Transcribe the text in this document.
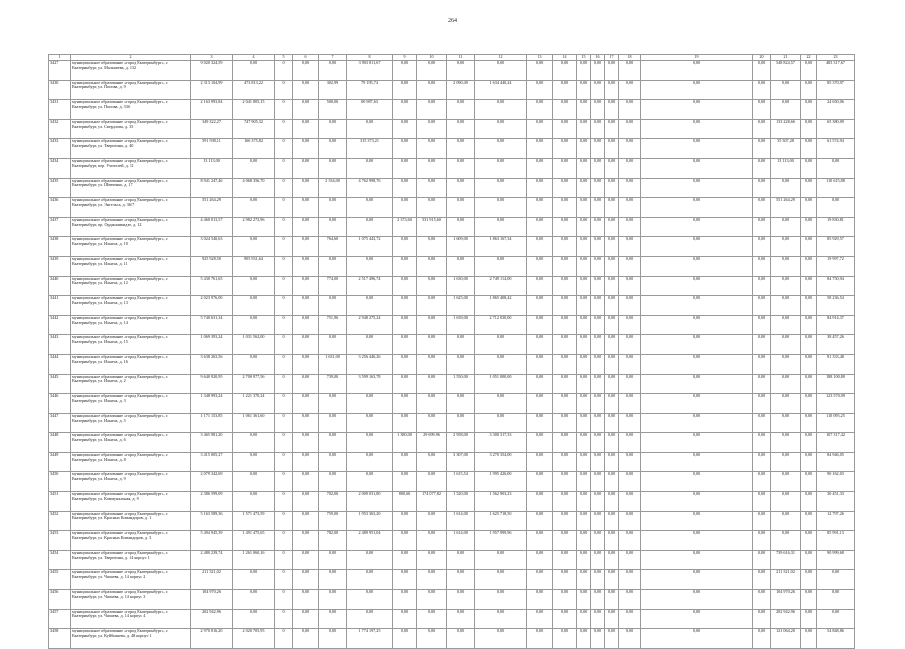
264
1	2	3	4	5	6	7	8	9	10	11	12	13	14	15	16	17	18	19	20	21	22	23
3427	муниципальное образование «город Екатеринбург», г. Екатеринбург, ул. Малышева, д. 132	9 020 324,59	0,00	0	0,00	0,00	3 903 811,67	0,00	0,00	0,00	0,00	0,00	0,00	0,00	0,00	0,00	0,00	0,00	0,00	548 824,57	0,00	483 317,67
3430	муниципальное образование «город Екатеринбург», г. Екатеринбург, ул. Попова, д. 9	2 313 104,99	473 813,22	0	0,00	302,99	79 195,74	0,00	0,00	2 090,49	1 634 440,24	0,00	0,00	0,00	0,00	0,00	0,00	0,00	0,00	0,00	0,00	85 370,97
3431	муниципальное образование «город Екатеринбург», г. Екатеринбург, ул. Попова, д. 33б	2 163 993,84	2 041 805,15	0	0,00	500,00	00 987,63	0,00	0,00	0,00	0,00	0,00	0,00	0,00	0,00	0,00	0,00	0,00	0,00	0,00	0,00	24 650,06
3432	муниципальное образование «город Екатеринбург», г. Екатеринбург, ул. Свердлова, д. 35	349 322,27	747 905,32	0	0,00	0,00	0,00	0,00	0,00	0,00	0,00	0,00	0,00	0,00	0,00	0,00	0,00	0,00	0,00	133 228,66	0,00	65 380,09
3433	муниципальное образование «город Екатеринбург», г. Екатеринбург, ул. Тверитина, д. 40	591 938,11	166 375,82	0	0,00	0,00	315 373,21	0,00	0,00	0,00	0,00	0,00	0,00	0,00	0,00	0,00	0,00	0,00	0,00	35 307,28	0,00	61 574,94
3434	муниципальное образование «город Екатеринбург», г. Екатеринбург, пер. Учителей, д. 11	13 113,00	0,00	0	0,00	0,00	0,00	0,00	0,00	0,00	0,00	0,00	0,00	0,00	0,00	0,00	0,00	0,00	0,00	13 113,00	0,00	0,00
3435	муниципальное образование «город Екатеринбург», г. Екатеринбург, ул. Шевченко, д. 17	8 941 247,46	4 068 356,70	0	0,00	2 334,00	4 762 998,76	0,00	0,00	0,00	0,00	0,00	0,00	0,00	0,00	0,00	0,00	0,00	0,00	0,00	0,00	110 615,88
3436	муниципальное образование «город Екатеринбург», г. Екатеринбург, ул. Энгельса, д. 36/7	551 264,29	0,00	0	0,00	0,00	0,00	0,00	0,00	0,00	0,00	0,00	0,00	0,00	0,00	0,00	0,00	0,00	0,00	551 264,29	0,00	0,00
3437	муниципальное образование «город Екатеринбург», г. Екатеринбург, пр. Орджоникидзе, д. 12	4 460 013,57	2 982 273,96	0	0,00	0,00	0,00	2 373,60	531 915,60	0,00	0,00	0,00	0,00	0,00	0,00	0,00	0,00	0,00	0,00	0,00	0,00	19 830,81
3438	муниципальное образование «город Екатеринбург», г. Екатеринбург, ул. Ильича, д. 10	3 024 540,63	0,00	0	0,00	764,60	1 075 443,72	0,00	0,00	1 609,00	1 863 167,34	0,00	0,00	0,00	0,00	0,00	0,00	0,00	0,00	0,00	0,00	85 929,57
3439	муниципальное образование «город Екатеринбург», г. Екатеринбург, ул. Ильича, д. 11	925 928,50	905 931,64	0	0,00	0,00	0,00	0,00	0,00	0,00	0,00	0,00	0,00	0,00	0,00	0,00	0,00	0,00	0,00	0,00	0,00	19 997,72
3440	муниципальное образование «город Екатеринбург», г. Екатеринбург, ул. Ильича, д. 12	5 430 761,65	0,00	0	0,00	774,00	2 517 496,74	0,00	0,00	1 630,00	2 749 114,00	0,00	0,00	0,00	0,00	0,00	0,00	0,00	0,00	0,00	0,00	84 750,94
3441	муниципальное образование «город Екатеринбург», г. Екатеринбург, ул. Ильича, д. 13	2 023 976,00	0,00	0	0,00	0,00	0,00	0,00	0,00	1 625,00	1 865 408,42	0,00	0,00	0,00	0,00	0,00	0,00	0,00	0,00	0,00	0,00	58 236,54
3442	муниципальное образование «город Екатеринбург», г. Екатеринбург, ул. Ильича, д. 14	5 740 631,34	0,00	0	0,00	751,96	2 948 275,24	0,00	0,00	1 639,00	2 712 030,00	0,00	0,00	0,00	0,00	0,00	0,00	0,00	0,00	0,00	0,00	84 914,37
3443	муниципальное образование «город Екатеринбург», г. Екатеринбург, ул. Ильича, д. 15	1 069 393,24	1 031 562,00	0	0,00	0,00	0,00	0,00	0,00	0,00	0,00	0,00	0,00	0,00	0,00	0,00	0,00	0,00	0,00	0,00	0,00	38 457,26
3444	муниципальное образование «город Екатеринбург», г. Екатеринбург, ул. Ильича, д. 16	3 638 263,56	0,00	0	0,00	1 631,00	3 256 446,26	0,00	0,00	0,00	0,00	0,00	0,00	0,00	0,00	0,00	0,00	0,00	0,00	0,00	0,00	81 333,48
3445	муниципальное образование «город Екатеринбург», г. Екатеринбург, ул. Ильича, д. 2	9 640 920,95	2 700 977,56	0	0,00	739,00	3 599 163,78	0,00	0,00	1 550,00	1 051 000,00	0,00	0,00	0,00	0,00	0,00	0,00	0,00	0,00	0,00	0,00	188 100,80
3446	муниципальное образование «город Екатеринбург», г. Екатеринбург, ул. Ильича, д. 3	1 348 993,24	1 221 370,24	0	0,00	0,00	0,00	0,00	0,00	0,00	0,00	0,00	0,00	0,00	0,00	0,00	0,00	0,00	0,00	0,00	0,00	123 570,09
3447	муниципальное образование «город Екатеринбург», г. Екатеринбург, ул. Ильича, д. 5	1 171 153,85	1 061 361,60	0	0,00	0,00	0,00	0,00	0,00	0,00	0,00	0,00	0,00	0,00	0,00	0,00	0,00	0,00	0,00	0,00	0,00	110 095,25
3448	муниципальное образование «город Екатеринбург», г. Екатеринбург, ул. Ильича, д. 6	3 465 981,20	0,00	0	0,00	0,00	0,00	1 380,00	29 699,96	2 958,00	3 300 317,33	0,00	0,00	0,00	0,00	0,00	0,00	0,00	0,00	0,00	0,00	107 317,42
3449	муниципальное образование «город Екатеринбург», г. Екатеринбург, ул. Ильича, д. 8	3 415 005,27	0,00	0	0,00	0,00	0,00	0,00	0,00	3 307,00	3 270 354,00	0,00	0,00	0,00	0,00	0,00	0,00	0,00	0,00	0,00	0,00	84 946,05
3450	муниципальное образование «город Екатеринбург», г. Екатеринбург, ул. Ильича, д. 9	2 079 342,69	0,00	0	0,00	0,00	0,00	0,00	0,00	1 615,54	1 995 426,00	0,00	0,00	0,00	0,00	0,00	0,00	0,00	0,00	0,00	0,00	90 162,03
3451	муниципальное образование «город Екатеринбург», г. Екатеринбург, ул. Коммунальная, д. 9	2 386 599,09	0,00	0	0,00	702,00	2 009 031,80	800,60	174 077,82	1 520,00	1 562 903,23	0,00	0,00	0,00	0,00	0,00	0,00	0,00	0,00	0,00	0,00	30 451,33
3452	муниципальное образование «город Екатеринбург», г. Екатеринбург, ул. Красных Командиров, д. 1	5 163 589,36	1 571 473,59	0	0,00	759,00	1 953 363,20	0,00	0,00	1 614,00	1 625 718,50	0,00	0,00	0,00	0,00	0,00	0,00	0,00	0,00	0,00	0,00	12 797,26
3453	муниципальное образование «город Екатеринбург», г. Екатеринбург, ул. Красных Командиров, д. 3	5 494 945,39	1 491 475,65	0	0,00	782,00	2 489 951,04	0,00	0,00	1 614,00	1 957 999,96	0,00	0,00	0,00	0,00	0,00	0,00	0,00	0,00	0,00	0,00	85 991,13
3454	муниципальное образование «город Екатеринбург», г. Екатеринбург, ул. Тверитина, д. 14 корпус 1	2 480 239,74	1 261 060,16	0	0,00	0,00	0,00	0,00	0,00	0,00	0,00	0,00	0,00	0,00	0,00	0,00	0,00	0,00	0,00	739 616,31	0,00	90 999,68
3455	муниципальное образование «город Екатеринбург», г. Екатеринбург, ул. Чапаева, д. 14 корпус 2	211 521,02	0,00	0	0,00	0,00	0,00	0,00	0,00	0,00	0,00	0,00	0,00	0,00	0,00	0,00	0,00	0,00	0,00	211 521,02	0,00	0,00
3456	муниципальное образование «город Екатеринбург», г. Екатеринбург, ул. Чапаева, д. 14 корпус 3	104 970,26	0,00	0	0,00	0,00	0,00	0,00	0,00	0,00	0,00	0,00	0,00	0,00	0,00	0,00	0,00	0,00	0,00	104 970,26	0,00	0,00
3457	муниципальное образование «город Екатеринбург», г. Екатеринбург, ул. Чапаева, д. 14 корпус 4	202 942,96	0,00	0	0,00	0,00	0,00	0,00	0,00	0,00	0,00	0,00	0,00	0,00	0,00	0,00	0,00	0,00	0,00	202 942,96	0,00	0,00
3458	муниципальное образование «город Екатеринбург», г. Екатеринбург, ул. Куйбышева, д. 48 корпус 1	2 970 816,20	2 020 705,95	0	0,00	0,00	1 774 197,25	0,00	0,00	0,00	0,00	0,00	0,00	0,00	0,00	0,00	0,00	0,00	0,00	121 064,20	0,00	54 848,86
